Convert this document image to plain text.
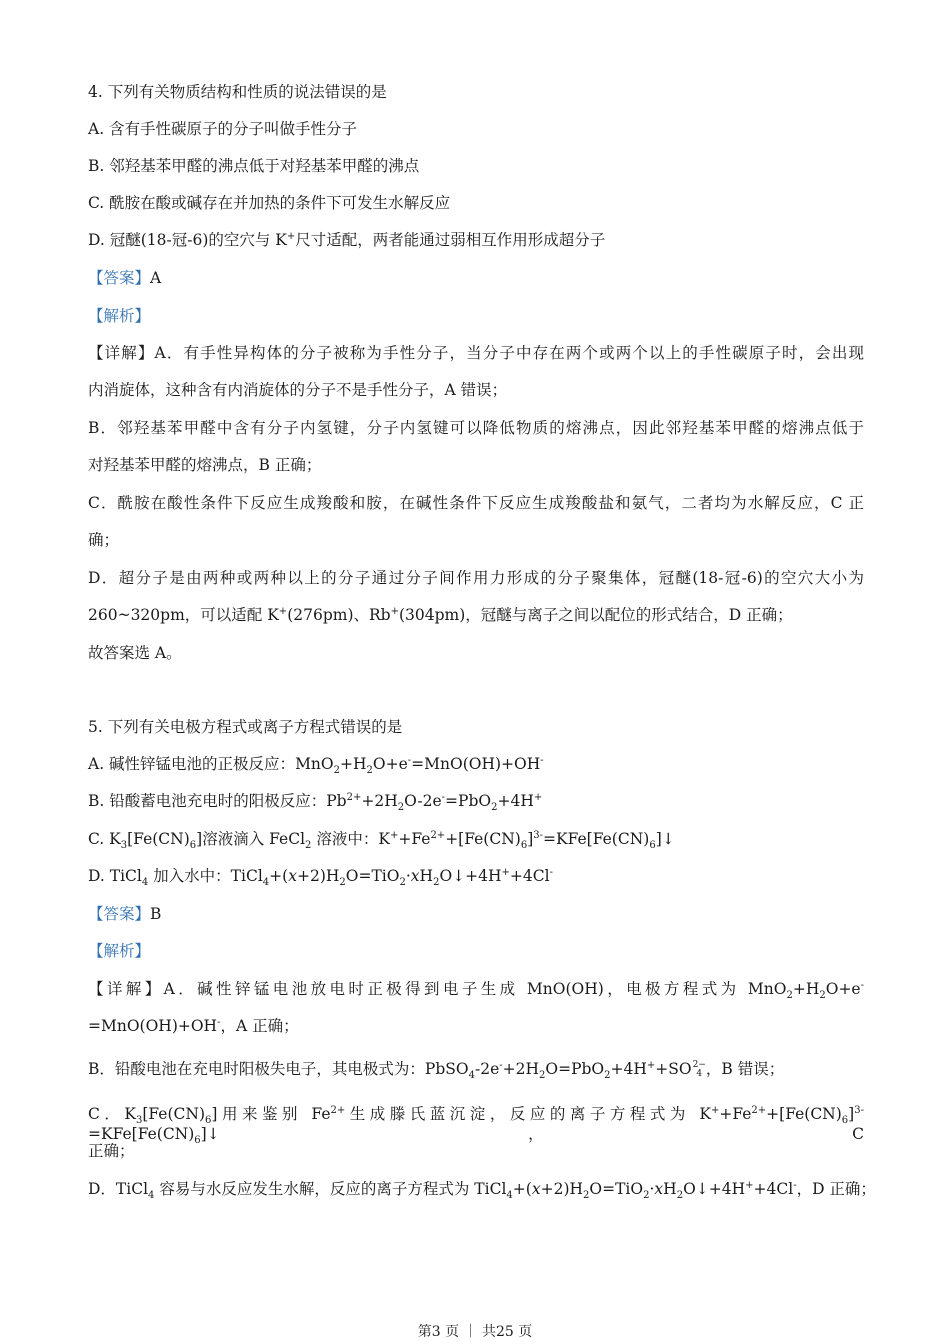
4. 下列有关物质结构和性质的说法错误的是
A. 含有手性碳原子的分子叫做手性分子
B. 邻羟基苯甲醛的沸点低于对羟基苯甲醛的沸点
C. 酰胺在酸或碱存在并加热的条件下可发生水解反应
D. 冠醚(18-冠-6)的空穴与 K+尺寸适配，两者能通过弱相互作用形成超分子
【答案】A
【解析】
【详解】A．有手性异构体的分子被称为手性分子，当分子中存在两个或两个以上的手性碳原子时，会出现
内消旋体，这种含有内消旋体的分子不是手性分子，A 错误；
B．邻羟基苯甲醛中含有分子内氢键，分子内氢键可以降低物质的熔沸点，因此邻羟基苯甲醛的熔沸点低于
对羟基苯甲醛的熔沸点，B 正确；
C．酰胺在酸性条件下反应生成羧酸和胺，在碱性条件下反应生成羧酸盐和氨气，二者均为水解反应，C 正
确；
D．超分子是由两种或两种以上的分子通过分子间作用力形成的分子聚集体，冠醚(18-冠-6)的空穴大小为
260~320pm，可以适配 K+(276pm)、Rb+(304pm)，冠醚与离子之间以配位的形式结合，D 正确；
故答案选 A。
5. 下列有关电极方程式或离子方程式错误的是
A. 碱性锌锰电池的正极反应：$MnO_2+H_2O+e^-=MnO(OH)+OH^-$
B. 铅酸蓄电池充电时的阳极反应：$Pb^{2+}+2H_2O-2e^-=PbO_2+4H^+$
C. $K_3[Fe(CN)_6]$溶液滴入 FeCl$_2$ 溶液中：$K^++Fe^{2+}+[Fe(CN)_6]^{3-}=KFe[Fe(CN)_6]↓$
D. TiCl$_4$ 加入水中：$TiCl_4+(x+2)H_2O=TiO_2\cdot xH_2O↓+4H^++4Cl^-$
【答案】B
【解析】
【详解】A．碱性锌锰电池放电时正极得到电子生成 MnO(OH)，电极方程式为 $MnO_2+H_2O+e^-$
=MnO(OH)+OH-，A 正确；
B．铅酸电池在充电时阳极失电子，其电极式为：$PbSO_4-2e^-+2H_2O=PbO_2+4H^++SO$ 2−
4 ，B 错误；
C．$K_3[Fe(CN)_6]$用来鉴别 $Fe^{2+}$生成滕氏蓝沉淀，反应的离子方程式为 $K^++Fe^{2+}+[Fe(CN)_6]^{3-}=KFe[Fe(CN)_6]↓$，C
正确；
D．TiCl$_4$ 容易与水反应发生水解，反应的离子方程式为 $TiCl_4+(x+2)H_2O=TiO_2\cdot xH_2O↓+4H^++4Cl^-$，D 正确；
第3 页 ｜ 共25 页
